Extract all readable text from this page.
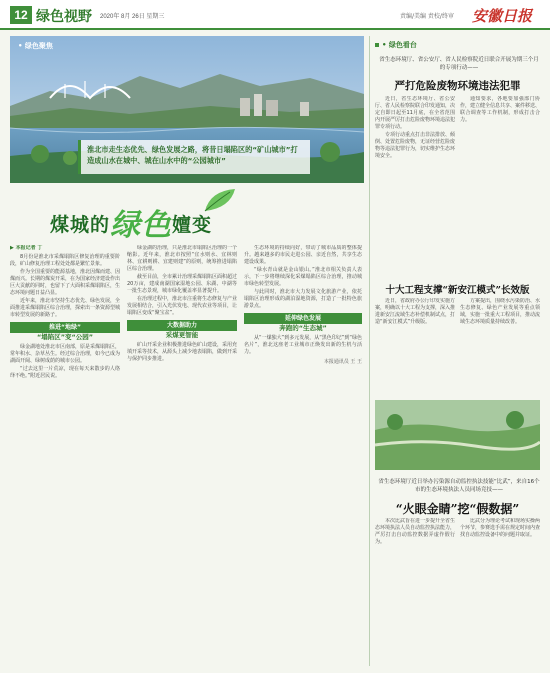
12 绿色视野 2020年 8月 26日 星期三	责编/美编 责校/终审 安徽日报
• 绿色聚焦
淮北市走生态优先、绿色发展之路，将昔日塌陷区的“矿山城市”打造成山水在城中、城在山水中的“公园城市”
煤城的绿色嬗变
▶ 本报记者 丁

8月份是淮北市采煤塌陷区修复治理的重要阶段，矿山修复治理工程处处都是繁忙景象。

作为全国重要的能源基地，淮北因煤而建、因煤而兴。长期的煤炭开采，在为国家经济建设作出巨大贡献的同时，也留下了大面积采煤塌陷区，生态环境问题日益凸显。

近年来，淮北市坚持生态优先、绿色发展，全面推进采煤塌陷区综合治理，探索出一条资源型城市转型发展的新路子。

推进“地绿”
“塌陷区”变“公园”

绿金湖地处淮北市区南部，原是采煤塌陷区，常年积水、杂草丛生。经过综合治理，如今已成为湖面开阔、绿树成荫的城市公园。

“过去这里一片荒凉，现在每天来散步的人络绎不绝。”附近居民说。

绿金湖的治理，只是淮北市塌陷区治理的一个缩影。近年来，淮北市按照“宜水则水、宜林则林、宜耕则耕、宜建则建”的原则，统筹推进塌陷区综合治理。

截至目前，全市累计治理采煤塌陷区面积超过20万亩，建成南湖国家湿地公园、东湖、中湖等一批生态景观，城市绿化覆盖率显著提升。

在治理过程中，淮北市注重将生态修复与产业发展相结合，引入光伏发电、现代农业等项目，让塌陷区变成“聚宝盆”。

大数据助力
采煤更智能

矿山开采企业积极推进绿色矿山建设，采用充填开采等技术，从源头上减少地表塌陷，做到开采与保护同步推进。

生态环境的持续向好，带动了城市品质的整体提升。越来越多的市民走进公园、亲近自然，共享生态建设成果。

“绿水青山就是金山银山。”淮北市相关负责人表示，下一步将继续深化采煤塌陷区综合治理，推动城市绿色转型发展。

与此同时，淮北市大力发展文化旅游产业，依托塌陷区治理形成的湖泊湿地资源，打造了一批特色旅游景点。

延伸绿色发展
奔跑的“生态城”

从“一煤独大”到多元发展，从“黑色印记”到“绿色名片”，淮北这座老工业城市正焕发出新的生机与活力。

本报通讯员 王 王
• 绿色看台
省生态环境厅、省公安厅、省人民检察院近日联合开展为期三个月的专项行动——
严打危险废物环境违法犯罪

近日，省生态环境厅、省公安厅、省人民检察院联合印发通知，决定自即日起至11月底，在全省范围内开展严厉打击危险废物环境违法犯罪专项行动。

专项行动重点打击非法排放、倾倒、处置危险废物，无证经营危险废物等违法犯罪行为，切实维护生态环境安全。

通知要求，各地要加强部门协作，建立健全信息共享、案件移送、联合调查等工作机制，形成打击合力。

十大工程支撑“新安江模式”长效版

近日，省政府办公厅印发实施方案，明确以十大工程为支撑，深入推进新安江流域生态补偿机制试点，打造“新安江模式”升级版。

方案提出，围绕水污染防治、水生态修复、绿色产业发展等重点领域，实施一批重大工程项目，推动流域生态环境质量持续改善。

省生态环境厅近日举办污染源自动监控执法技能“比武”，来自16个市的生态环境执法人员同场竞技——
“火眼金睛”挖“假数据”

本次比武旨在进一步提升全省生态环境执法人员自动监控执法能力，严厉打击自动监控数据弄虚作假行为。

比武分为理论考试和现场实操两个环节，参赛选手需在规定时间内查找自动监控设备中的问题并取证。
